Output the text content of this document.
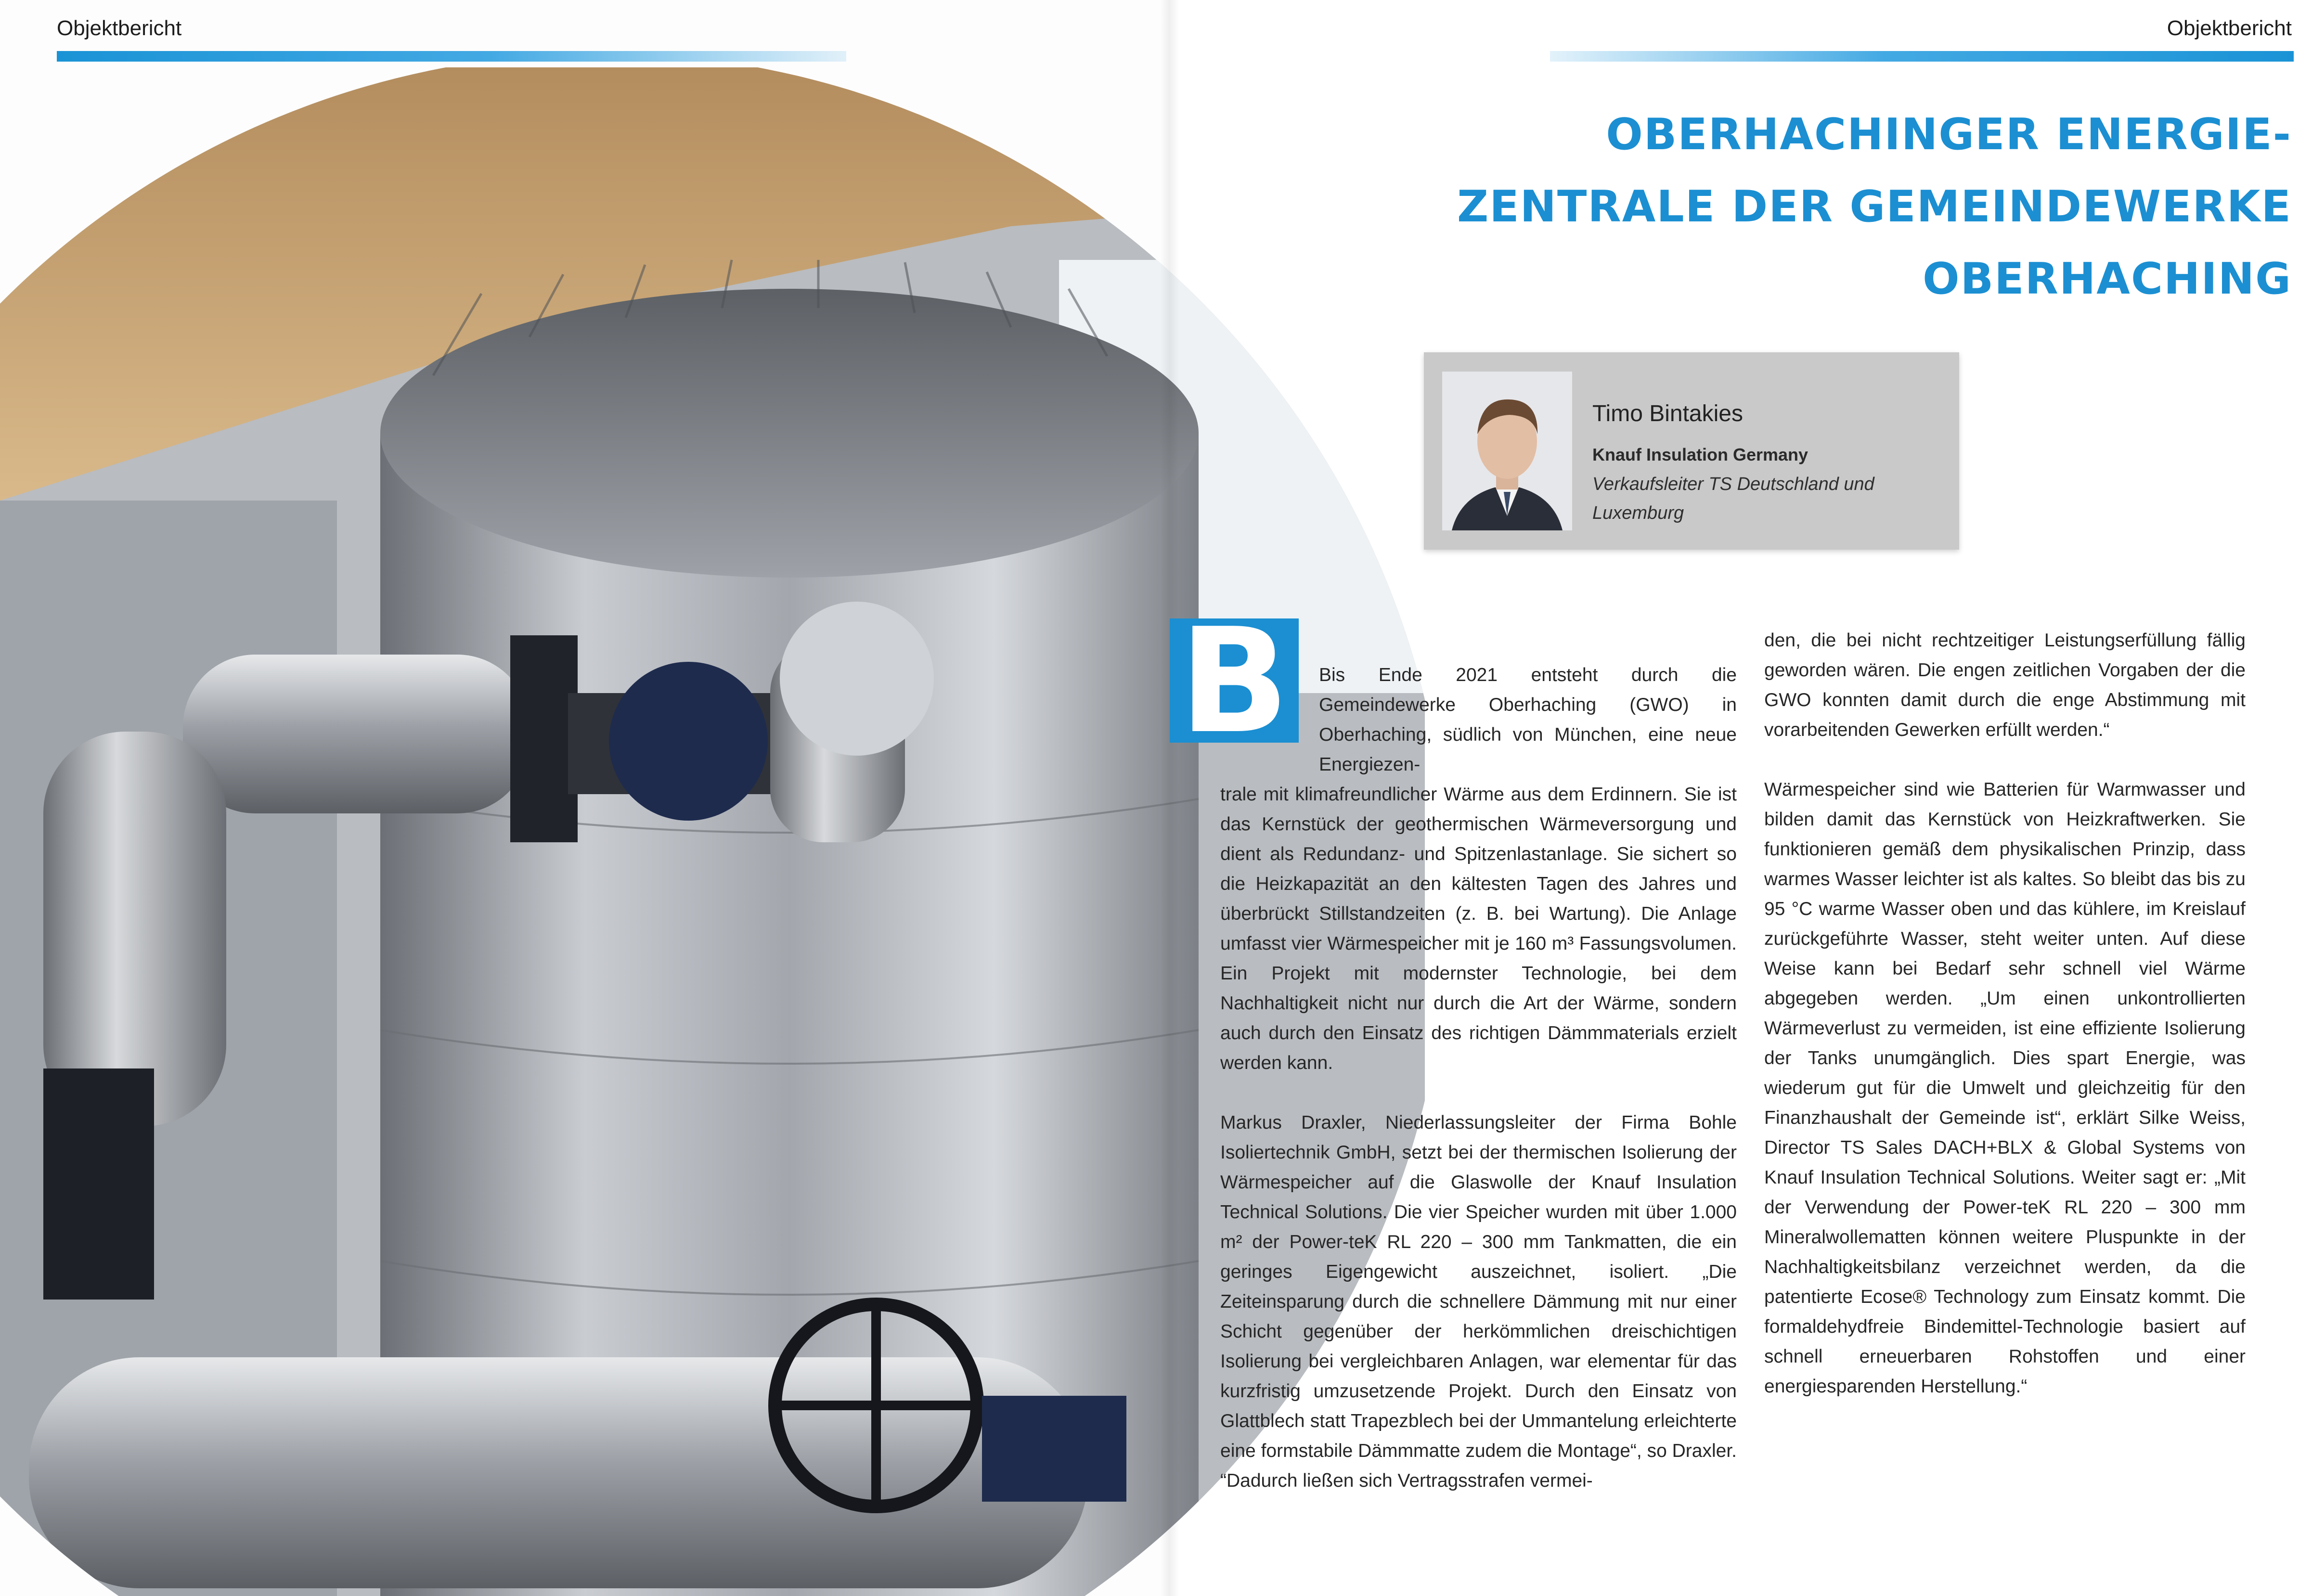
Objektbericht	Objektbericht
OBERHACHINGER ENERGIE-
ZENTRALE DER GEMEINDEWERKE
OBERHACHING
Timo Bintakies
Knauf Insulation Germany
Verkaufsleiter TS Deutschland und Luxemburg
B	Bis Ende 2021 entsteht durch die Gemeindewerke Oberhaching (GWO) in Oberhaching, südlich von München, eine neue Energiezen-

trale mit klimafreundlicher Wärme aus dem Erdinnern. Sie ist das Kernstück der geothermischen Wärmeversorgung und dient als Redundanz- und Spitzenlastanlage. Sie sichert so die Heizkapazität an den kältesten Tagen des Jahres und überbrückt Stillstandzeiten (z. B. bei Wartung). Die Anlage umfasst vier Wärmespeicher mit je 160 m³ Fassungsvolumen. Ein Projekt mit modernster Technologie, bei dem Nachhaltigkeit nicht nur durch die Art der Wärme, sondern auch durch den Einsatz des richtigen Dämmmaterials erzielt werden kann.

Markus Draxler, Niederlassungsleiter der Firma Bohle Isoliertechnik GmbH, setzt bei der thermischen Isolierung der Wärmespeicher auf die Glaswolle der Knauf Insulation Technical Solutions. Die vier Speicher wurden mit über 1.000 m² der Power-teK RL 220 – 300 mm Tankmatten, die ein geringes Eigengewicht auszeichnet, isoliert. „Die Zeiteinsparung durch die schnellere Dämmung mit nur einer Schicht gegenüber der herkömmlichen dreischichtigen Isolierung bei vergleichbaren Anlagen, war elementar für das kurzfristig umzusetzende Projekt. Durch den Einsatz von Glattblech statt Trapezblech bei der Ummantelung erleichterte eine formstabile Dämmmatte zudem die Montage“, so Draxler. “Dadurch ließen sich Vertragsstrafen vermei-

den, die bei nicht rechtzeitiger Leistungserfüllung fällig geworden wären. Die engen zeitlichen Vorgaben der die GWO konnten damit durch die enge Abstimmung mit vorarbeitenden Gewerken erfüllt werden.“

Wärmespeicher sind wie Batterien für Warmwasser und bilden damit das Kernstück von Heizkraftwerken. Sie funktionieren gemäß dem physikalischen Prinzip, dass warmes Wasser leichter ist als kaltes. So bleibt das bis zu 95 °C warme Wasser oben und das kühlere, im Kreislauf zurückgeführte Wasser, steht weiter unten. Auf diese Weise kann bei Bedarf sehr schnell viel Wärme abgegeben werden. „Um einen unkontrollierten Wärmeverlust zu vermeiden, ist eine effiziente Isolierung der Tanks unumgänglich. Dies spart Energie, was wiederum gut für die Umwelt und gleichzeitig für den Finanzhaushalt der Gemeinde ist“, erklärt Silke Weiss, Director TS Sales DACH+BLX & Global Systems von Knauf Insulation Technical Solutions. Weiter sagt er: „Mit der Verwendung der Power-teK RL 220 – 300 mm Mineralwollematten können weitere Pluspunkte in der Nachhaltigkeitsbilanz verzeichnet werden, da die patentierte Ecose® Technology zum Einsatz kommt. Die formaldehydfreie Bindemittel-Technologie basiert auf schnell erneuerbaren Rohstoffen und einer energiesparenden Herstellung.“
